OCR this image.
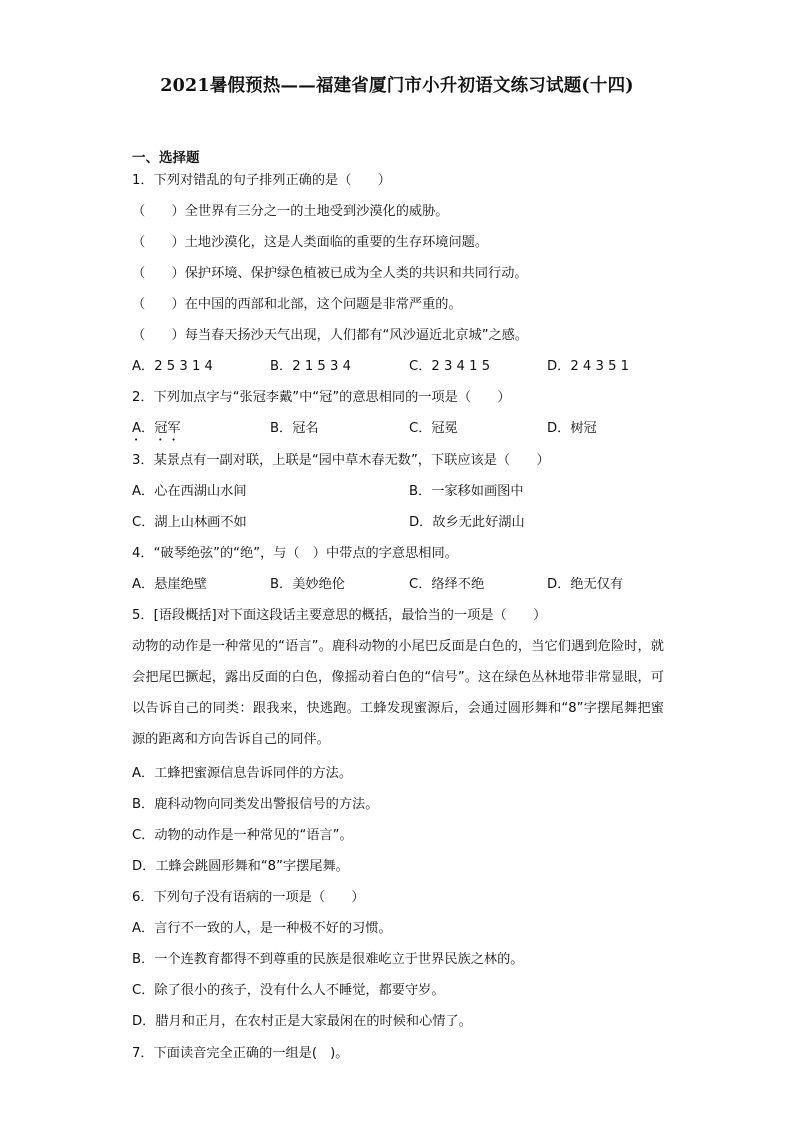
2021暑假预热——福建省厦门市小升初语文练习试题(十四)
一、选择题
1．下列对错乱的句子排列正确的是（　　）
（　　）全世界有三分之一的土地受到沙漠化的威胁。
（　　）土地沙漠化，这是人类面临的重要的生存环境问题。
（　　）保护环境、保护绿色植被已成为全人类的共识和共同行动。
（　　）在中国的西部和北部，这个问题是非常严重的。
（　　）每当春天扬沙天气出现，人们都有“风沙逼近北京城”之感。
A．2 5 3 1 4	B．2 1 5 3 4	C．2 3 4 1 5	D．2 4 3 5 1
2．下列加点字与“张冠李戴”中“冠”的意思相同的一项是（　　）
A．冠军	B．冠名	C．冠冕	D．树冠
3．某景点有一副对联，上联是“园中草木春无数”，下联应该是（　　）
A．心在西湖山水间	B．一家移如画图中
C．湖上山林画不如	D．故乡无此好湖山
4．“破琴绝弦”的“绝”，与（　）中带点的字意思相同。
A．悬崖绝壁	B．美妙绝伦	C．络绎不绝	D．绝无仅有
5．[语段概括]对下面这段话主要意思的概括，最恰当的一项是（　　）

动物的动作是一种常见的“语言”。鹿科动物的小尾巴反面是白色的，当它们遇到危险时，就会把尾巴撅起，露出反面的白色，像摇动着白色的“信号”。这在绿色丛林地带非常显眼，可以告诉自己的同类：跟我来，快逃跑。工蜂发现蜜源后，会通过圆形舞和“8”字摆尾舞把蜜源的距离和方向告诉自己的同伴。

A．工蜂把蜜源信息告诉同伴的方法。
B．鹿科动物向同类发出警报信号的方法。
C．动物的动作是一种常见的“语言”。
D．工蜂会跳圆形舞和“8”字摆尾舞。
6．下列句子没有语病的一项是（　　）
A．言行不一致的人，是一种极不好的习惯。
B．一个连教育都得不到尊重的民族是很难屹立于世界民族之林的。
C．除了很小的孩子，没有什么人不睡觉，都要守岁。
D．腊月和正月，在农村正是大家最闲在的时候和心情了。
7．下面读音完全正确的一组是(　)。
